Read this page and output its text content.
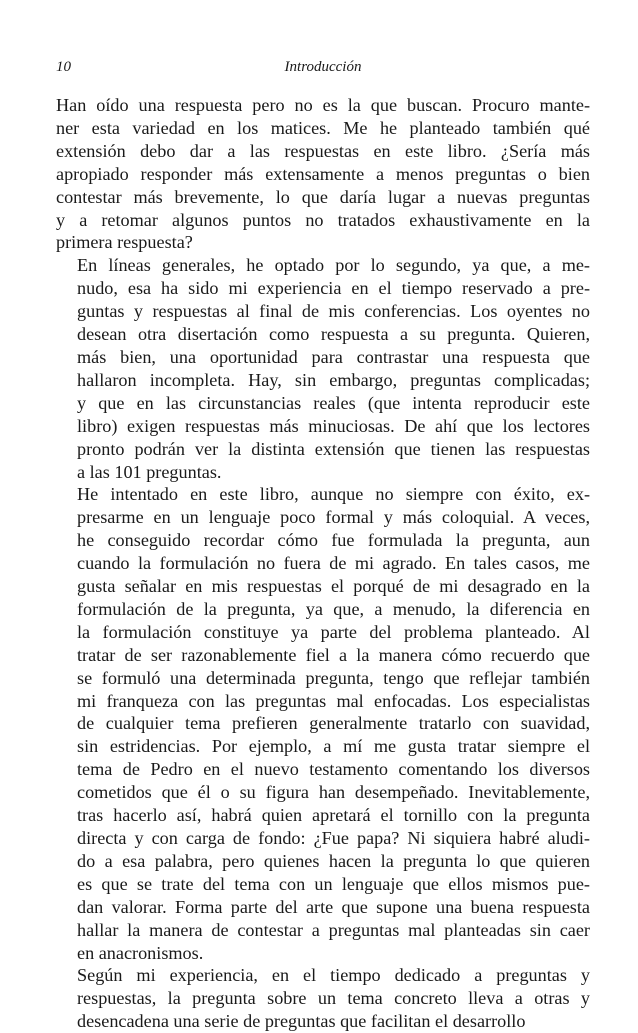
10	Introducción

Han oído una respuesta pero no es la que buscan. Procuro mante-
ner esta variedad en los matices. Me he planteado también qué
extensión debo dar a las respuestas en este libro. ¿Sería más
apropiado responder más extensamente a menos preguntas o bien
contestar más brevemente, lo que daría lugar a nuevas preguntas
y a retomar algunos puntos no tratados exhaustivamente en la
primera respuesta?

En líneas generales, he optado por lo segundo, ya que, a me-
nudo, esa ha sido mi experiencia en el tiempo reservado a pre-
guntas y respuestas al final de mis conferencias. Los oyentes no
desean otra disertación como respuesta a su pregunta. Quieren,
más bien, una oportunidad para contrastar una respuesta que
hallaron incompleta. Hay, sin embargo, preguntas complicadas;
y que en las circunstancias reales (que intenta reproducir este
libro) exigen respuestas más minuciosas. De ahí que los lectores
pronto podrán ver la distinta extensión que tienen las respuestas
a las 101 preguntas.

He intentado en este libro, aunque no siempre con éxito, ex-
presarme en un lenguaje poco formal y más coloquial. A veces,
he conseguido recordar cómo fue formulada la pregunta, aun
cuando la formulación no fuera de mi agrado. En tales casos, me
gusta señalar en mis respuestas el porqué de mi desagrado en la
formulación de la pregunta, ya que, a menudo, la diferencia en
la formulación constituye ya parte del problema planteado. Al
tratar de ser razonablemente fiel a la manera cómo recuerdo que
se formuló una determinada pregunta, tengo que reflejar también
mi franqueza con las preguntas mal enfocadas. Los especialistas
de cualquier tema prefieren generalmente tratarlo con suavidad,
sin estridencias. Por ejemplo, a mí me gusta tratar siempre el
tema de Pedro en el nuevo testamento comentando los diversos
cometidos que él o su figura han desempeñado. Inevitablemente,
tras hacerlo así, habrá quien apretará el tornillo con la pregunta
directa y con carga de fondo: ¿Fue papa? Ni siquiera habré aludi-
do a esa palabra, pero quienes hacen la pregunta lo que quieren
es que se trate del tema con un lenguaje que ellos mismos pue-
dan valorar. Forma parte del arte que supone una buena respuesta
hallar la manera de contestar a preguntas mal planteadas sin caer
en anacronismos.

Según mi experiencia, en el tiempo dedicado a preguntas y
respuestas, la pregunta sobre un tema concreto lleva a otras y
desencadena una serie de preguntas que facilitan el desarrollo
